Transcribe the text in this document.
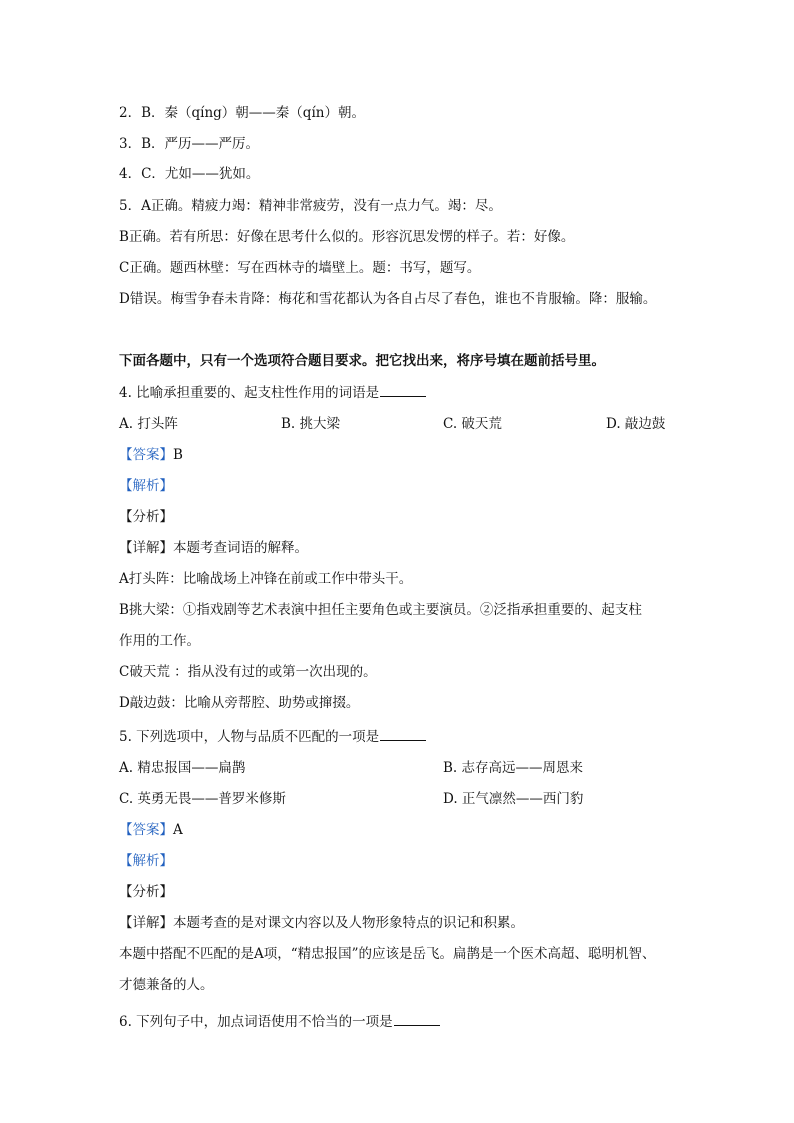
2．B．秦（qíng）朝——秦（qín）朝。
3．B．严历——严厉。
4．C．尤如——犹如。
5．A正确。精疲力竭：精神非常疲劳，没有一点力气。竭：尽。
B正确。若有所思：好像在思考什么似的。形容沉思发愣的样子。若：好像。
C正确。题西林壁：写在西林寺的墙壁上。题：书写，题写。
D错误。梅雪争春未肯降：梅花和雪花都认为各自占尽了春色，谁也不肯服输。降：服输。
下面各题中，只有一个选项符合题目要求。把它找出来，将序号填在题前括号里。
4. 比喻承担重要的、起支柱性作用的词语是
A. 打头阵	B. 挑大梁	C. 破天荒	D. 敲边鼓
【答案】B
【解析】
【分析】
【详解】本题考查词语的解释。
A打头阵：比喻战场上冲锋在前或工作中带头干。
B挑大梁：①指戏剧等艺术表演中担任主要角色或主要演员。②泛指承担重要的、起支柱
作用的工作。
C破天荒 ：指从没有过的或第一次出现的。
D敲边鼓：比喻从旁帮腔、助势或撺掇。
5. 下列选项中，人物与品质不匹配的一项是
A. 精忠报国——扁鹊	B. 志存高远——周恩来
C. 英勇无畏——普罗米修斯	D. 正气凛然——西门豹
【答案】A
【解析】
【分析】
【详解】本题考查的是对课文内容以及人物形象特点的识记和积累。
本题中搭配不匹配的是A项，“精忠报国”的应该是岳飞。扁鹊是一个医术高超、聪明机智、
才德兼备的人。
6. 下列句子中，加点词语使用不恰当的一项是
